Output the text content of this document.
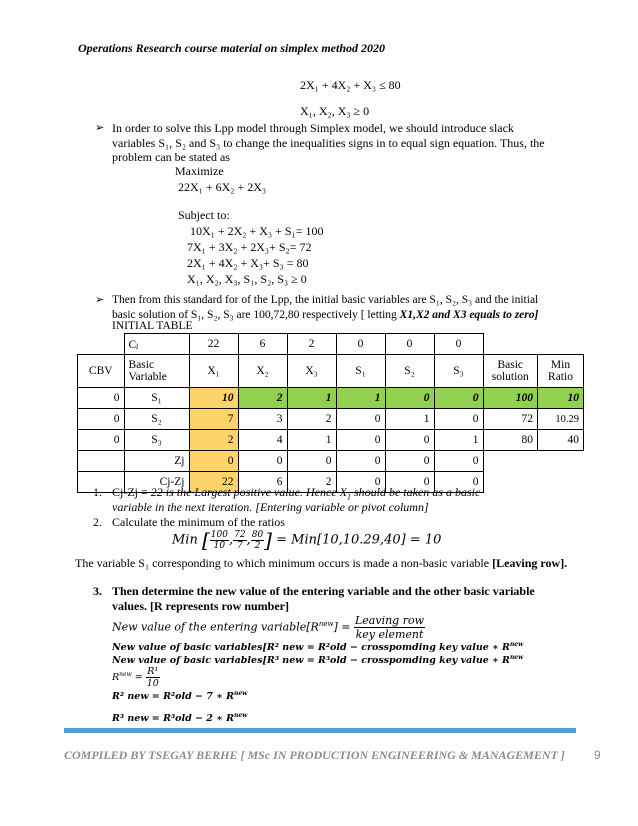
Operations Research course material on simplex method 2020
2X₁ + 4X₂ + X₃ ≤ 80
X₁, X₂, X₃ ≥ 0
➢ In order to solve this Lpp model through Simplex model, we should introduce slack variables S₁, S₂ and S₃ to change the inequalities signs in to equal sign equation. Thus, the problem can be stated as
Maximize
22X₁ + 6X₂ + 2X₃
Subject to:
10X₁ + 2X₂ + X₃ + S₁= 100
7X₁ + 3X₂ + 2X₃+ S₂= 72
2X₁ + 4X₂ + X₃+ S₃ = 80
X₁, X₂, X₃, S₁, S₂, S₃ ≥ 0
➢ Then from this standard for of the Lpp, the initial basic variables are S₁, S₂, S₃ and the initial basic solution of S₁, S₂, S₃ are 100,72,80 respectively [ letting X1,X2 and X3 equals to zero]
INITIAL TABLE
	Cⱼ	22	6	2	0	0	0		
CBV	Basic Variable	X₁	X₂	X₃	S₁	S₂	S₃	Basic solution	Min Ratio
0	S₁	10	2	1	1	0	0	100	10
0	S₂	7	3	2	0	1	0	72	10.29
0	S₃	2	4	1	0	0	1	80	40
	Zj	0	0	0	0	0	0		
	Cj-Zj	22	6	2	0	0	0		
1. Cj-Zj = 22 is the Largest positive value. Hence $X_1$ should be taken as a basic
variable in the next iteration. [Entering variable or pivot column]
2. Calculate the minimum of the ratios
Min [ $\frac{100}{10}$ , $\frac{72}{7}$ , $\frac{80}{2}$ ] = Min[10,10.29,40] = 10
The variable S₁ corresponding to which minimum occurs is made a non-basic variable [Leaving row].
3. Then determine the new value of the entering variable and the other basic variable values. [R represents row number]
New value of the entering $variable[R^{new}] = \frac{\text{Leaving row}}{\text{key element}}$
New value of basic variables[R² new = R²old − crosspomding key value ∗ $R^{new}$
New value of basic variables[R³ new = R³old − crosspomding key value ∗ $R^{new}$
$R^{new} = \frac{\text{R¹}}{10}$
R² new = R²old − 7 ∗ $R^{new}$
R³ new = R³old − 2 ∗ $R^{new}$
COMPILED BY TSEGAY BERHE [ MSc IN PRODUCTION ENGINEERING & MANAGEMENT ] 9
